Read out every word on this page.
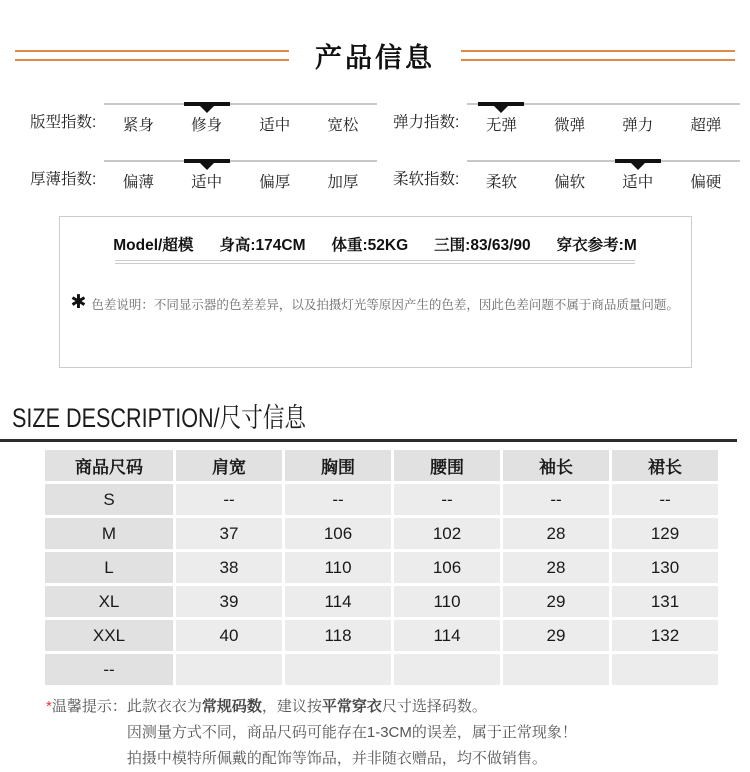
产品信息
版型指数:	紧身	修身	适中	宽松	弹力指数:	无弹	微弹	弹力	超弹
厚薄指数:	偏薄	适中	偏厚	加厚	柔软指数:	柔软	偏软	适中	偏硬
Model/超模 身高:174CM 体重:52KG 三围:83/63/90 穿衣参考:M
✱ 色差说明：不同显示器的色差差异，以及拍摄灯光等原因产生的色差，因此色差问题不属于商品质量问题。
SIZE DESCRIPTION/尺寸信息
商品尺码	肩宽	胸围	腰围	袖长	裙长
S	--	--	--	--	--
M	37	106	102	28	129
L	38	110	106	28	130
XL	39	114	110	29	131
XXL	40	118	114	29	132
--
*温馨提示： 此款衣衣为常规码数，建议按平常穿衣尺寸选择码数。
因测量方式不同，商品尺码可能存在1-3CM的误差，属于正常现象！
拍摄中模特所佩戴的配饰等饰品，并非随衣赠品，均不做销售。
